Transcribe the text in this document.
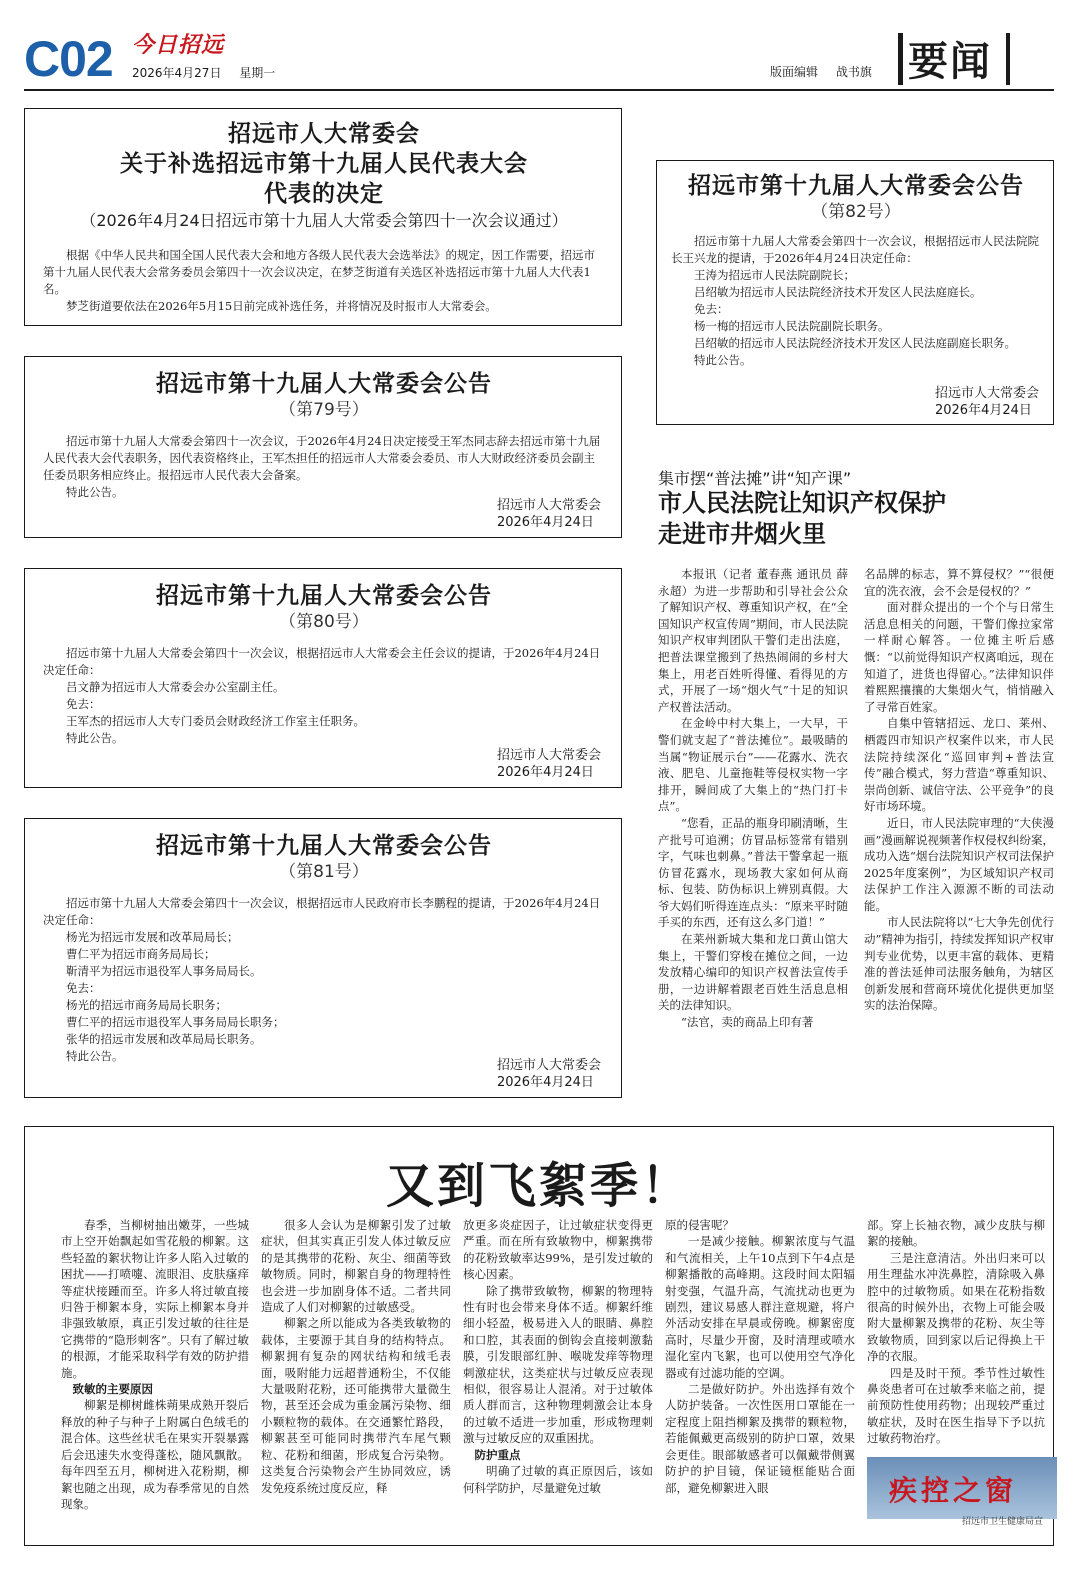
C02 今日招远
2026年4月27日 星期一	版面编辑 战书旗 要闻
招远市人大常委会
关于补选招远市第十九届人民代表大会
代表的决定
（2026年4月24日招远市第十九届人大常委会第四十一次会议通过）

根据《中华人民共和国全国人民代表大会和地方各级人民代表大会选举法》的规定，因工作需要，招远市第十九届人民代表大会常务委员会第四十一次会议决定，在梦芝街道有关选区补选招远市第十九届人大代表1名。

梦芝街道要依法在2026年5月15日前完成补选任务，并将情况及时报市人大常委会。

招远市第十九届人大常委会公告
（第79号）

招远市第十九届人大常委会第四十一次会议，于2026年4月24日决定接受王军杰同志辞去招远市第十九届人民代表大会代表职务，因代表资格终止，王军杰担任的招远市人大常委会委员、市人大财政经济委员会副主任委员职务相应终止。报招远市人民代表大会备案。

特此公告。

招远市人大常委会
2026年4月24日
招远市第十九届人大常委会公告
（第80号）

招远市第十九届人大常委会第四十一次会议，根据招远市人大常委会主任会议的提请，于2026年4月24日决定任命：

吕文静为招远市人大常委会办公室副主任。

免去：

王军杰的招远市人大专门委员会财政经济工作室主任职务。

特此公告。

招远市人大常委会
2026年4月24日
招远市第十九届人大常委会公告
（第81号）

招远市第十九届人大常委会第四十一次会议，根据招远市人民政府市长李鹏程的提请，于2026年4月24日决定任命：

杨光为招远市发展和改革局局长；

曹仁平为招远市商务局局长；

靳清平为招远市退役军人事务局局长。

免去：

杨光的招远市商务局局长职务；

曹仁平的招远市退役军人事务局局长职务；

张华的招远市发展和改革局局长职务。

特此公告。

招远市人大常委会
2026年4月24日
招远市第十九届人大常委会公告
（第82号）

招远市第十九届人大常委会第四十一次会议，根据招远市人民法院院长王兴龙的提请，于2026年4月24日决定任命：

王涛为招远市人民法院副院长；

吕绍敏为招远市人民法院经济技术开发区人民法庭庭长。

免去：

杨一梅的招远市人民法院副院长职务。

吕绍敏的招远市人民法院经济技术开发区人民法庭副庭长职务。

特此公告。

招远市人大常委会
2026年4月24日
集市摆“普法摊”讲“知产课”
市人民法院让知识产权保护
走进市井烟火里

本报讯（记者 董春燕 通讯员 薛永超）为进一步帮助和引导社会公众了解知识产权、尊重知识产权，在“全国知识产权宣传周”期间，市人民法院知识产权审判团队干警们走出法庭，把普法课堂搬到了热热闹闹的乡村大集上，用老百姓听得懂、看得见的方式，开展了一场“烟火气”十足的知识产权普法活动。

在金岭中村大集上，一大早，干警们就支起了“普法摊位”。最吸睛的当属“物证展示台”——花露水、洗衣液、肥皂、儿童拖鞋等侵权实物一字排开，瞬间成了大集上的“热门打卡点”。

“您看，正品的瓶身印刷清晰，生产批号可追溯；仿冒品标签常有错别字，气味也刺鼻。”普法干警拿起一瓶仿冒花露水，现场教大家如何从商标、包装、防伪标识上辨别真假。大爷大妈们听得连连点头：“原来平时随手买的东西，还有这么多门道！”

在莱州新城大集和龙口黄山馆大集上，干警们穿梭在摊位之间，一边发放精心编印的知识产权普法宣传手册，一边讲解着跟老百姓生活息息相关的法律知识。

“法官，卖的商品上印有著

名品牌的标志，算不算侵权？”“很便宜的洗衣液，会不会是侵权的？”

面对群众提出的一个个与日常生活息息相关的问题，干警们像拉家常一样耐心解答。一位摊主听后感慨：“以前觉得知识产权离咱远，现在知道了，进货也得留心。”法律知识伴着熙熙攘攘的大集烟火气，悄悄融入了寻常百姓家。

自集中管辖招远、龙口、莱州、栖霞四市知识产权案件以来，市人民法院持续深化“巡回审判+普法宣传”融合模式，努力营造“尊重知识、崇尚创新、诚信守法、公平竞争”的良好市场环境。

近日，市人民法院审理的“大侠漫画”漫画解说视频著作权侵权纠纷案，成功入选“烟台法院知识产权司法保护2025年度案例”，为区域知识产权司法保护工作注入源源不断的司法动能。

市人民法院将以“七大争先创优行动”精神为指引，持续发挥知识产权审判专业优势，以更丰富的载体、更精准的普法延伸司法服务触角，为辖区创新发展和营商环境优化提供更加坚实的法治保障。

又到飞絮季！

春季，当柳树抽出嫩芽，一些城市上空开始飘起如雪花般的柳絮。这些轻盈的絮状物让许多人陷入过敏的困扰——打喷嚏、流眼泪、皮肤瘙痒等症状接踵而至。许多人将过敏直接归咎于柳絮本身，实际上柳絮本身并非强致敏原，真正引发过敏的往往是它携带的“隐形刺客”。只有了解过敏的根源，才能采取科学有效的防护措施。

致敏的主要原因

柳絮是柳树雌株蒴果成熟开裂后释放的种子与种子上附属白色绒毛的混合体。这些丝状毛在果实开裂暴露后会迅速失水变得蓬松，随风飘散。每年四至五月，柳树进入花粉期，柳絮也随之出现，成为春季常见的自然现象。

很多人会认为是柳絮引发了过敏症状，但其实真正引发人体过敏反应的是其携带的花粉、灰尘、细菌等致敏物质。同时，柳絮自身的物理特性也会进一步加剧身体不适。二者共同造成了人们对柳絮的过敏感受。

柳絮之所以能成为各类致敏物的载体，主要源于其自身的结构特点。柳絮拥有复杂的网状结构和绒毛表面，吸附能力远超普通粉尘，不仅能大量吸附花粉，还可能携带大量微生物，甚至还会成为重金属污染物、细小颗粒物的载体。在交通繁忙路段，柳絮甚至可能同时携带汽车尾气颗粒、花粉和细菌，形成复合污染物。这类复合污染物会产生协同效应，诱发免疫系统过度反应，释

放更多炎症因子，让过敏症状变得更严重。而在所有致敏物中，柳絮携带的花粉致敏率达99%，是引发过敏的核心因素。

除了携带致敏物，柳絮的物理特性有时也会带来身体不适。柳絮纤维细小轻盈，极易进入人的眼睛、鼻腔和口腔，其表面的倒钩会直接刺激黏膜，引发眼部红肿、喉咙发痒等物理刺激症状，这类症状与过敏反应表现相似，很容易让人混淆。对于过敏体质人群而言，这种物理刺激会让本身的过敏不适进一步加重，形成物理刺激与过敏反应的双重困扰。

防护重点

明确了过敏的真正原因后，该如何科学防护，尽量避免过敏

原的侵害呢？

一是减少接触。柳絮浓度与气温和气流相关，上午10点到下午4点是柳絮播散的高峰期。这段时间太阳辐射变强，气温升高，气流扰动也更为剧烈，建议易感人群注意规避，将户外活动安排在早晨或傍晚。柳絮密度高时，尽量少开窗，及时清理或喷水湿化室内飞絮，也可以使用空气净化器或有过滤功能的空调。

二是做好防护。外出选择有效个人防护装备。一次性医用口罩能在一定程度上阻挡柳絮及携带的颗粒物，若能佩戴更高级别的防护口罩，效果会更佳。眼部敏感者可以佩戴带侧翼防护的护目镜，保证镜框能贴合面部，避免柳絮进入眼

部。穿上长袖衣物，减少皮肤与柳絮的接触。

三是注意清洁。外出归来可以用生理盐水冲洗鼻腔，清除吸入鼻腔中的过敏物质。如果在花粉指数很高的时候外出，衣物上可能会吸附大量柳絮及携带的花粉、灰尘等致敏物质，回到家以后记得换上干净的衣服。

四是及时干预。季节性过敏性鼻炎患者可在过敏季来临之前，提前预防性使用药物；出现较严重过敏症状，及时在医生指导下予以抗过敏药物治疗。

疾控之窗
招远市卫生健康局宣
